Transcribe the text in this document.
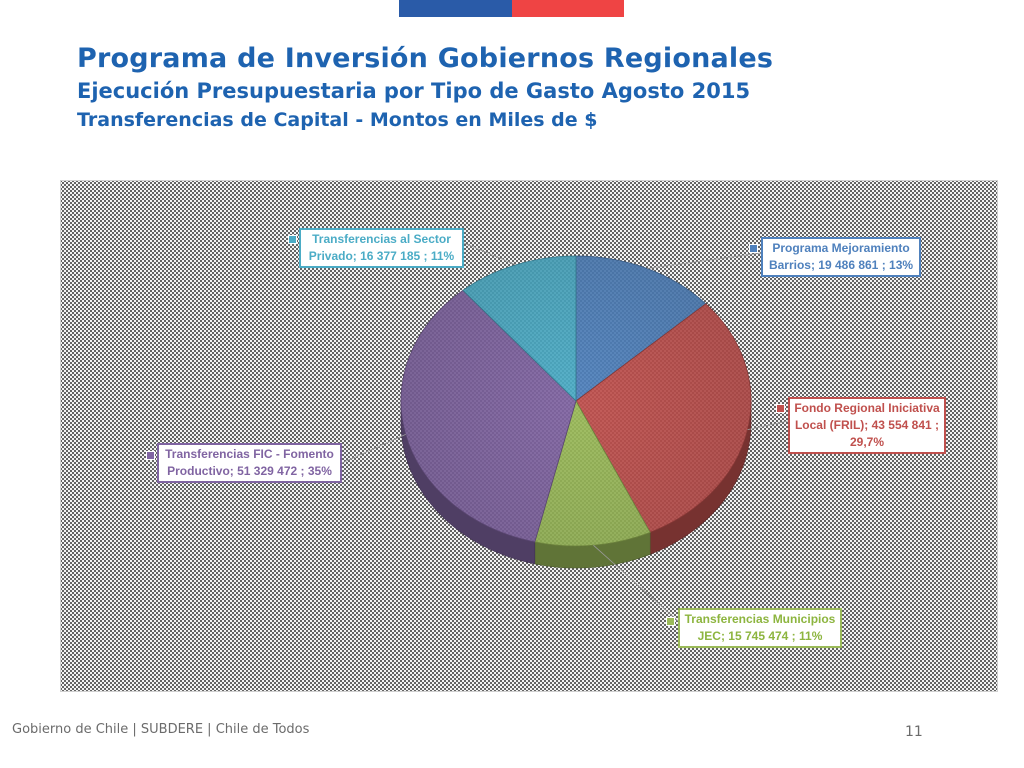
Programa de Inversión Gobiernos Regionales
Ejecución Presupuestaria por Tipo de Gasto Agosto 2015
Transferencias de Capital - Montos en Miles de $
Programa Mejoramiento
Barrios; 19 486 861 ; 13%
Fondo Regional Iniciativa
Local (FRIL); 43 554 841 ;
29,7%
Transferencias Municipios
JEC; 15 745 474 ; 11%
Transferencias FIC - Fomento
Productivo; 51 329 472 ; 35%
Transferencias al Sector
Privado; 16 377 185 ; 11%
Gobierno de Chile | SUBDERE | Chile de Todos	11
